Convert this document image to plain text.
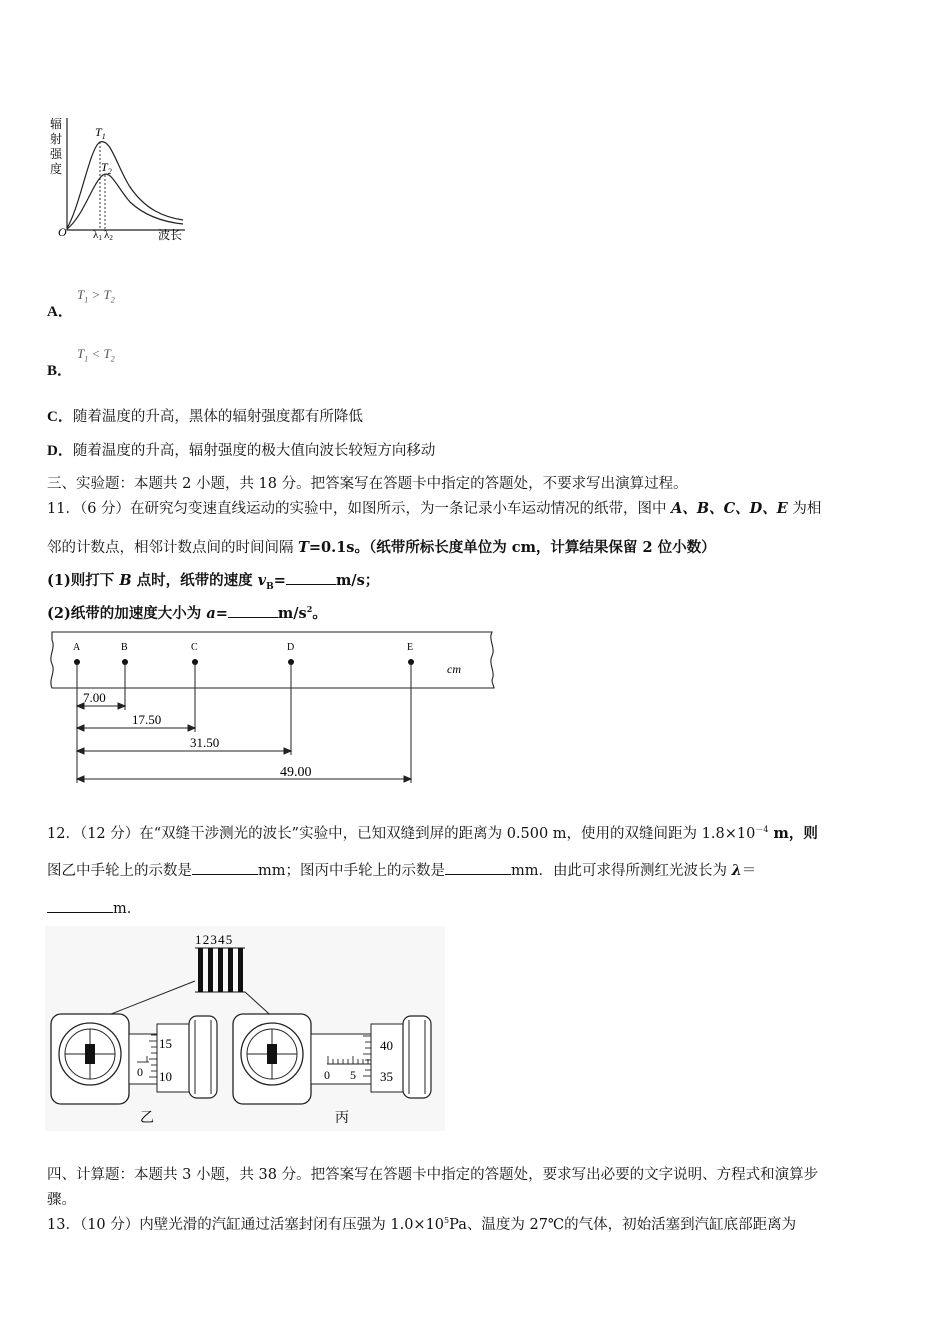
辐
射
强
度
$T_1$
$T_2$
O λ1 λ2	波长
A．
$T_1 > T_2$
B．
$T_1 < T_2$
C．随着温度的升高，黑体的辐射强度都有所降低
D．随着温度的升高，辐射强度的极大值向波长较短方向移动
三、实验题：本题共 2 小题，共 18 分。把答案写在答题卡中指定的答题处，不要求写出演算过程。
11．（6 分）在研究匀变速直线运动的实验中，如图所示，为一条记录小车运动情况的纸带，图中 A、B、C、D、E 为相
邻的计数点，相邻计数点间的时间间隔 T=0.1s。（纸带所标长度单位为 cm，计算结果保留 2 位小数）
(1)则打下 B 点时，纸带的速度 $v_B=$	m/s；
(2)纸带的加速度大小为 a=	$m/s^2$。
A	B	C	D	E
cm
7.00
17.50
31.50
49.00
12．（12 分）在“双缝干涉测光的波长”实验中，已知双缝到屏的距离为 0.500 m，使用的双缝间距为 $1.8\times 10^{-4}$ m，则
图乙中手轮上的示数是	mm；图丙中手轮上的示数是	mm．由此可求得所测红光波长为 λ＝
m．
12345
15
10
0
乙
40
35
0 5
丙
四、计算题：本题共 3 小题，共 38 分。把答案写在答题卡中指定的答题处，要求写出必要的文字说明、方程式和演算步
骤。
13．（10 分）内壁光滑的汽缸通过活塞封闭有压强为 $1.0\times 10^5Pa$、温度为 27℃的气体，初始活塞到汽缸底部距离为
